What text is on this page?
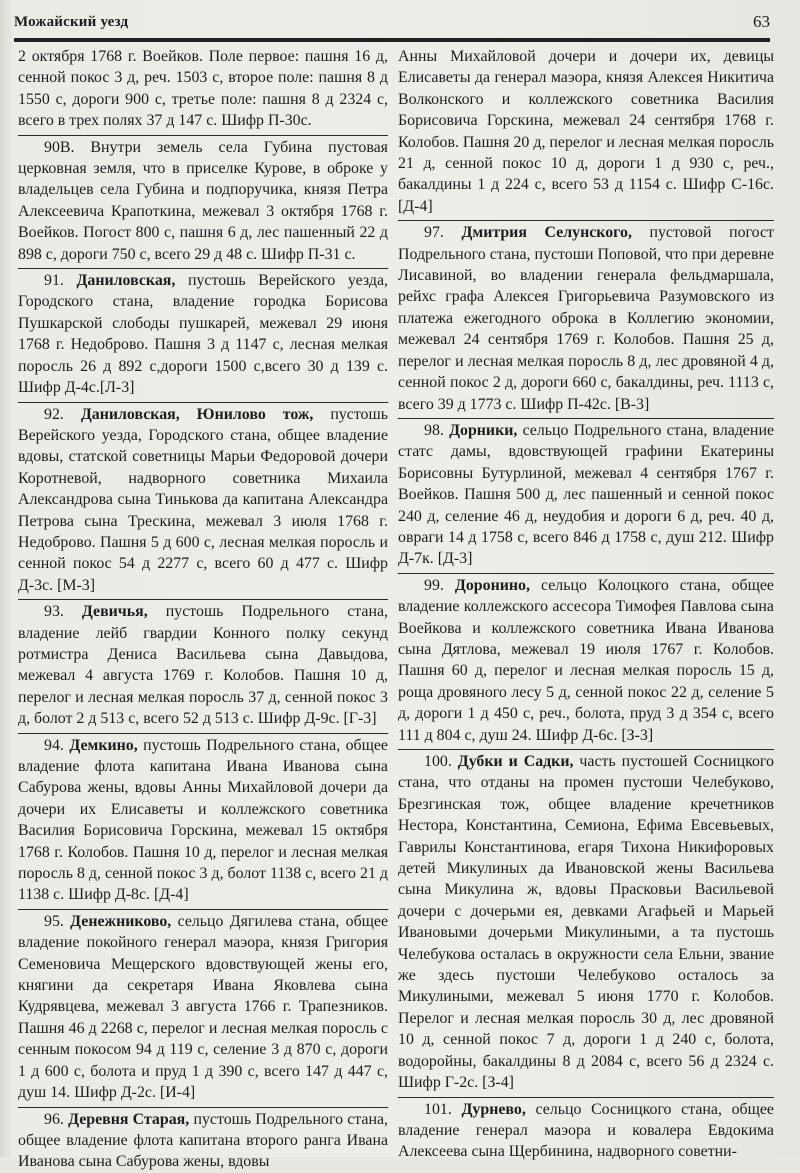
Можайский уезд	63

2 октября 1768 г. Воейков. Поле первое: пашня 16 д, сенной покос 3 д, реч. 1503 с, второе поле: пашня 8 д 1550 с, дороги 900 с, третье поле: пашня 8 д 2324 с, всего в трех полях 37 д 147 с. Шифр П-30с.

90В. Внутри земель села Губина пустовая церковная земля, что в приселке Курове, в оброке у владельцев села Губина и подпоручика, князя Петра Алексеевича Крапоткина, межевал 3 октября 1768 г. Воейков. Погост 800 с, пашня 6 д, лес пашенный 22 д 898 с, дороги 750 с, всего 29 д 48 с. Шифр П-31 с.

91. Даниловская, пустошь Верейского уезда, Городского стана, владение городка Борисова Пушкарской слободы пушкарей, межевал 29 июня 1768 г. Недоброво. Пашня 3 д 1147 с, лесная мелкая поросль 26 д 892 с,дороги 1500 с,всего 30 д 139 с. Шифр Д-4с.[Л-3]

92. Даниловская, Юнилово тож, пустошь Верейского уезда, Городского стана, общее владение вдовы, статской советницы Марьи Федоровой дочери Коротневой, надворного советника Михаила Александрова сына Тинькова да капитана Александра Петрова сына Трескина, межевал 3 июля 1768 г. Недоброво. Пашня 5 д 600 с, лесная мелкая поросль и сенной покос 54 д 2277 с, всего 60 д 477 с. Шифр Д-3с. [М-3]

93. Девичья, пустошь Подрельного стана, владение лейб гвардии Конного полку секунд ротмистра Дениса Васильева сына Давыдова, межевал 4 августа 1769 г. Колобов. Пашня 10 д, перелог и лесная мелкая поросль 37 д, сенной покос 3 д, болот 2 д 513 с, всего 52 д 513 с. Шифр Д-9с. [Г-3]

94. Демкино, пустошь Подрельного стана, общее владение флота капитана Ивана Иванова сына Сабурова жены, вдовы Анны Михайловой дочери да дочери их Елисаветы и коллежского советника Василия Борисовича Горскина, межевал 15 октября 1768 г. Колобов. Пашня 10 д, перелог и лесная мелкая поросль 8 д, сенной покос 3 д, болот 1138 с, всего 21 д 1138 с. Шифр Д-8с. [Д-4]

95. Денежниково, сельцо Дягилева стана, общее владение покойного генерал маэора, князя Григория Семеновича Мещерского вдовствующей жены его, княгини да секретаря Ивана Яковлева сына Кудрявцева, межевал 3 августа 1766 г. Трапезников. Пашня 46 д 2268 с, перелог и лесная мелкая поросль с сенным покосом 94 д 119 с, селение 3 д 870 с, дороги 1 д 600 с, болота и пруд 1 д 390 с, всего 147 д 447 с, душ 14. Шифр Д-2с. [И-4]

96. Деревня Старая, пустошь Подрельного стана, общее владение флота капитана второго ранга Ивана Иванова сына Сабурова жены, вдовы

Анны Михайловой дочери и дочери их, девицы Елисаветы да генерал маэора, князя Алексея Никитича Волконского и коллежского советника Василия Борисовича Горскина, межевал 24 сентября 1768 г. Колобов. Пашня 20 д, перелог и лесная мелкая поросль 21 д, сенной покос 10 д, дороги 1 д 930 с, реч., бакалдины 1 д 224 с, всего 53 д 1154 с. Шифр С-16с. [Д-4]

97. Дмитрия Селунского, пустовой погост Подрельного стана, пустоши Поповой, что при деревне Лисавиной, во владении генерала фельдмаршала, рейхс графа Алексея Григорьевича Разумовского из платежа ежегодного оброка в Коллегию экономии, межевал 24 сентября 1769 г. Колобов. Пашня 25 д, перелог и лесная мелкая поросль 8 д, лес дровяной 4 д, сенной покос 2 д, дороги 660 с, бакалдины, реч. 1113 с, всего 39 д 1773 с. Шифр П-42с. [В-3]

98. Дорники, сельцо Подрельного стана, владение статс дамы, вдовствующей графини Екатерины Борисовны Бутурлиной, межевал 4 сентября 1767 г. Воейков. Пашня 500 д, лес пашенный и сенной покос 240 д, селение 46 д, неудобия и дороги 6 д, реч. 40 д, овраги 14 д 1758 с, всего 846 д 1758 с, душ 212. Шифр Д-7к. [Д-3]

99. Доронино, сельцо Колоцкого стана, общее владение коллежского ассесора Тимофея Павлова сына Воейкова и коллежского советника Ивана Иванова сына Дятлова, межевал 19 июля 1767 г. Колобов. Пашня 60 д, перелог и лесная мелкая поросль 15 д, роща дровяного лесу 5 д, сенной покос 22 д, селение 5 д, дороги 1 д 450 с, реч., болота, пруд 3 д 354 с, всего 111 д 804 с, душ 24. Шифр Д-6с. [З-3]

100. Дубки и Садки, часть пустошей Сосницкого стана, что отданы на промен пустоши Челебуково, Брезгинская тож, общее владение кречетников Нестора, Константина, Семиона, Ефима Евсевьевых, Гаврилы Константинова, егаря Тихона Никифоровых детей Микулиных да Ивановской жены Васильева сына Микулина ж, вдовы Прасковьи Васильевой дочери с дочерьми ея, девками Агафьей и Марьей Ивановыми дочерьми Микулиными, а та пустошь Челебукова осталась в окружности села Ельни, звание же здесь пустоши Челебуково осталось за Микулиными, межевал 5 июня 1770 г. Колобов. Перелог и лесная мелкая поросль 30 д, лес дровяной 10 д, сенной покос 7 д, дороги 1 д 240 с, болота, водоройны, бакалдины 8 д 2084 с, всего 56 д 2324 с. Шифр Г-2с. [З-4]

101. Дурнево, сельцо Сосницкого стана, общее владение генерал маэора и ковалера Евдокима Алексеева сына Щербинина, надворного советни-
